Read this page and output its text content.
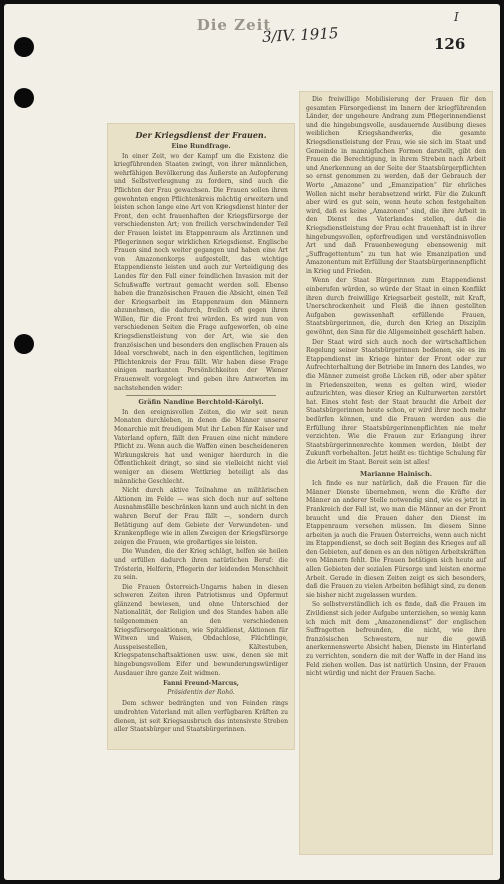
Die Zeit
3/IV. 1915	126
I
Der Kriegsdienst der Frauen.
Eine Rundfrage.

In einer Zeit, wo der Kampf um die Existenz die kriegführenden Staaten zwingt, von ihrer männlichen, wehrfähigen Bevölkerung das Äußerste an Aufopferung und Selbstverleugnung zu fordern, sind auch die Pflichten der Frau gewachsen. Die Frauen sollen ihren gewohnten engen Pflichtenkreis mächtig erweitern und leisten schon lange eine Art von Kriegsdienst hinter der Front, den echt frauenhaften der Kriegsfürsorge der verschiedensten Art; von freilich verschwindender Teil der Frauen leistet im Etappenraum als Ärztinnen und Pflegerinnen sogar wirklichen Kriegsdienst. Englische Frauen sind noch weiter gegangen und haben eine Art von Amazonenkorps aufgestellt, das wichtige Etappendienste leisten und auch zur Verteidigung des Landes für den Fall einer feindlichen Invasion mit der Schußwaffe vertraut gemacht werden soll. Ebenso haben die französischen Frauen die Absicht, einen Teil der Kriegsarbeit im Etappenraum den Männern abzunehmen, die dadurch, freilich oft gegen ihren Willen, für die Front frei würden. Es wird nun von verschiedenen Seiten die Frage aufgeworfen, ob eine Kriegsdienstleistung von der Art, wie sie den französischen und besonders den englischen Frauen als Ideal vorschwebt, nach in den eigentlichen, legitimen Pflichtenkreis der Frau fällt. Wir haben diese Frage einigen markanten Persönlichkeiten der Wiener Frauenwelt vorgelegt und geben ihre Antworten im nachstehenden wider:

Gräfin Nandine Berchtold-Károlyi.

In den ereignisvollen Zeiten, die wir seit neun Monaten durchleben, in denen die Männer unserer Monarchie mit freudigem Mut ihr Leben für Kaiser und Vaterland opfern, fällt den Frauen eine nicht mindere Pflicht zu. Wenn auch die Waffen einen bescheideneren Wirkungskreis hat und weniger hierdurch in die Öffentlichkeit dringt, so sind sie vielleicht nicht viel weniger an diesem Wettkrieg beteiligt als das männliche Geschlecht.

Nicht durch aktive Teilnahme an militärischen Aktionen im Felde — was sich doch nur auf seltene Ausnahmsfälle beschränken kann und auch nicht in den wahren Beruf der Frau fällt —, sondern durch Betätigung auf dem Gebiete der Verwundeten- und Krankenpflege wie in allen Zweigen der Kriegsfürsorge zeigen die Frauen, wie großartiges sie leisten.

Die Wunden, die der Krieg schlägt, helfen sie heilen und erfüllen dadurch ihren natürlichen Beruf: die Trösterin, Helferin, Pflegerin der leidenden Menschheit zu sein.

Die Frauen Österreich-Ungarns haben in diesen schweren Zeiten ihren Patriotismus und Opfermut glänzend bewiesen, und ohne Unterschied der Nationalität, der Religion und des Standes haben alle teilgenommen an den verschiedenen Kriegsfürsorgeaktionen, wie Spitaldienst, Aktionen für Witwen und Waisen, Obdachlose, Flüchtlinge, Ausspeisestellen, Kältestuben, Kriegspatenschaftsaktionen usw. usw., denen sie mit hingebungsvollem Eifer und bewunderungswürdiger Ausdauer ihre ganze Zeit widmen.

Fanni Freund-Marcus,
Präsidentin der Rohö.

Dem schwer bedrängten und von Feinden rings umdrohten Vaterland mit allen verfügbaren Kräften zu dienen, ist seit Kriegsausbruch das intensivste Streben aller Staatsbürger und Staatsbürgerinnen.

Die freiwillige Mobilisierung der Frauen für den gesamten Fürsorgedienst im Innern der kriegführenden Länder, der ungeheure Andrang zum Pflegerinnendienst und die hingebungsvolle, ausdauernde Ausübung dieses weiblichen Kriegshandwerks, die gesamte Kriegsdienstleistung der Frau, wie sie sich im Staat und Gemeinde in mannigfachen Formen darstellt, gibt den Frauen die Berechtigung, in ihrem Streben nach Arbeit und Anerkennung an der Seite der Staatsbürgerpflichten so ernst genommen zu werden, daß der Gebrauch der Worte „Amazone“ und „Emanzipation“ für ehrliches Wollen nicht mehr herabsetzend wirkt. Für die Zukunft aber wird es gut sein, wenn heute schon festgehalten wird, daß es keine „Amazonen“ sind, die ihre Arbeit in den Dienst des Vaterlandes stellen, daß die Kriegsdienstleistung der Frau echt frauenhaft ist in ihrer hingebungsvollen, opferfreudigen und verständnisvollen Art und daß Frauenbewegung ebensowenig mit „Suffragettentum“ zu tun hat wie Emanzipation und Amazonentum mit Erfüllung der Staatsbürgerinnenpflicht in Krieg und Frieden.

Wenn der Staat Bürgerinnen zum Etappendienst einberufen würden, so würde der Staat in einen Konflikt ihren durch freiwillige Kriegsarbeit gestellt, mit Kraft, Unerschrockenheit und Fleiß die ihnen gestellten Aufgaben gewissenhaft erfüllende Frauen, Staatsbürgerinnen, die, durch den Krieg an Disziplin gewöhnt, den Sinn für die Allgemeinheit geschärft haben.

Der Staat wird sich auch noch der wirtschaftlichen Regelung seiner Staatsbürgerinnen bedienen, sie es im Etappendienst im Kriege hinter der Front oder zur Aufrechterhaltung der Betriebe im Innern des Landes, wo die Männer zumeist große Lücken riß, oder aber später in Friedenszeiten, wenn es gelten wird, wieder aufzurichten, was dieser Krieg an Kulturwerten zerstört hat. Eines steht fest: der Staat braucht die Arbeit der Staatsbürgerinnen heute schon, er wird ihrer noch mehr bedürfen können, und die Frauen werden aus die Erfüllung ihrer Staatsbürgerinnenpflichten nie mehr verzichten. Wie die Frauen zur Erlangung ihrer Staatsbürgerinnenrechte kommen werden, bleibt der Zukunft vorbehalten. Jetzt heißt es: tüchtige Schulung für die Arbeit im Staat. Bereit sein ist alles!

Marianne Hainisch.

Ich finde es nur natürlich, daß die Frauen für die Männer Dienste übernehmen, wenn die Kräfte der Männer an anderer Stelle notwendig sind, wie es jetzt in Frankreich der Fall ist, wo man die Männer an der Front braucht und die Frauen daher den Dienst im Etappenraum versehen müssen. Im diesem Sinne arbeiten ja auch die Frauen Österreichs, wenn auch nicht im Etappendienst, so doch seit Beginn des Krieges auf all den Gebieten, auf denen es an den nötigen Arbeitskräften von Männern fehlt. Die Frauen betätigen sich heute auf allen Gebieten der sozialen Fürsorge und leisten enorme Arbeit. Gerade in diesen Zeiten zeigt es sich besonders, daß die Frauen zu vielen Arbeiten befähigt sind, zu denen sie bisher nicht zugelassen wurden.

So selbstverständlich ich es finde, daß die Frauen im Zivildienst sich jeder Aufgabe unterziehen, so wenig kann ich mich mit dem „Amazonendienst“ der englischen Suffragetten befreunden, die nicht, wie ihre französischen Schwestern, nur die gewiß anerkennenswerte Absicht haben, Dienste im Hinterland zu verrichten, sondern die mit der Waffe in der Hand ins Feld ziehen wollen. Das ist natürlich Unsinn, der Frauen nicht würdig und nicht der Frauen Sache.
